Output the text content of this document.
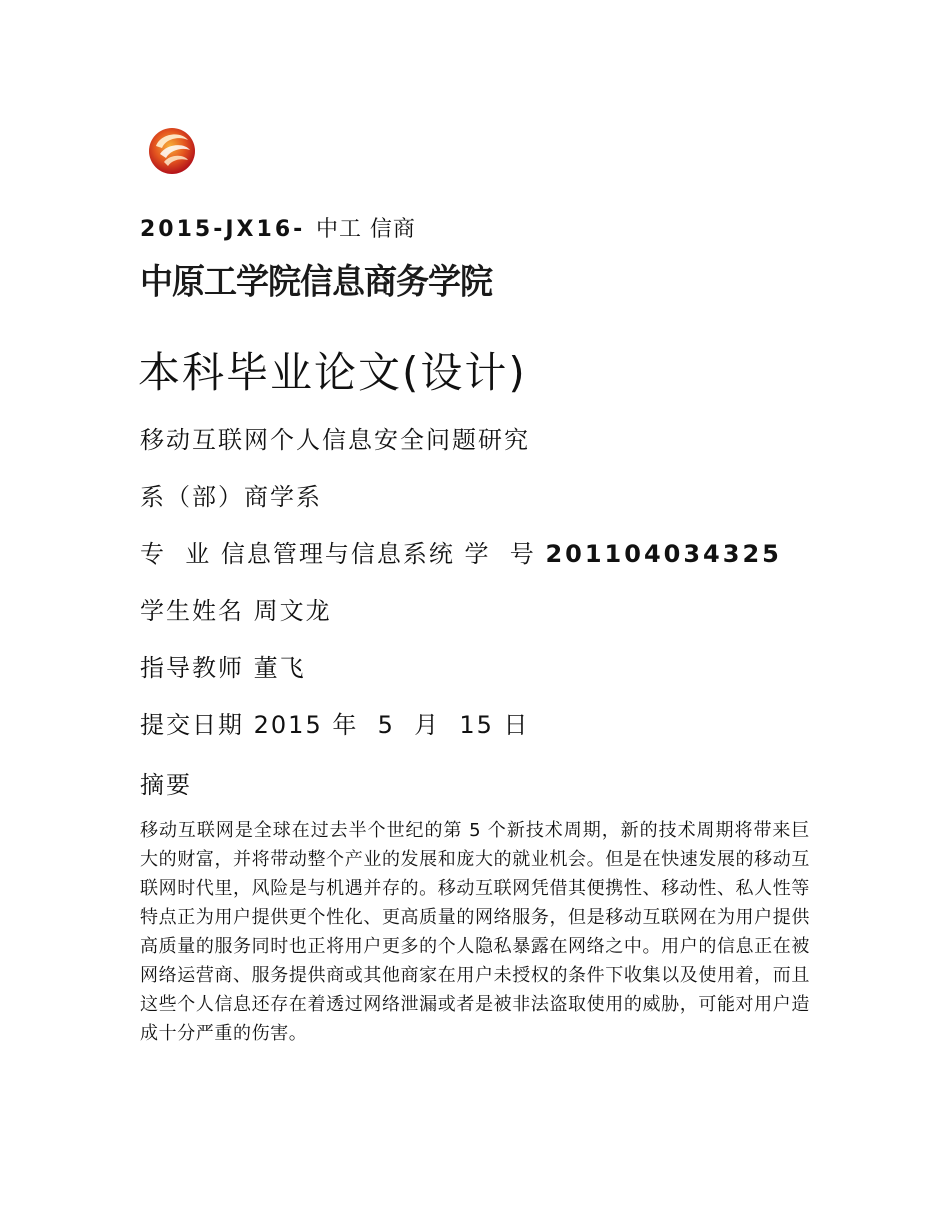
2015-JX16- 中工 信商
中原工学院信息商务学院
本科毕业论文(设计)
移动互联网个人信息安全问题研究
系（部）商学系
专  业 信息管理与信息系统 学  号 201104034325
学生姓名 周文龙
指导教师 董飞
提交日期 2015 年  5  月  15 日
摘要
移动互联网是全球在过去半个世纪的第 5 个新技术周期，新的技术周期将带来巨大的财富，并将带动整个产业的发展和庞大的就业机会。但是在快速发展的移动互联网时代里，风险是与机遇并存的。移动互联网凭借其便携性、移动性、私人性等特点正为用户提供更个性化、更高质量的网络服务，但是移动互联网在为用户提供高质量的服务同时也正将用户更多的个人隐私暴露在网络之中。用户的信息正在被网络运营商、服务提供商或其他商家在用户未授权的条件下收集以及使用着，而且这些个人信息还存在着透过网络泄漏或者是被非法盗取使用的威胁，可能对用户造成十分严重的伤害。
